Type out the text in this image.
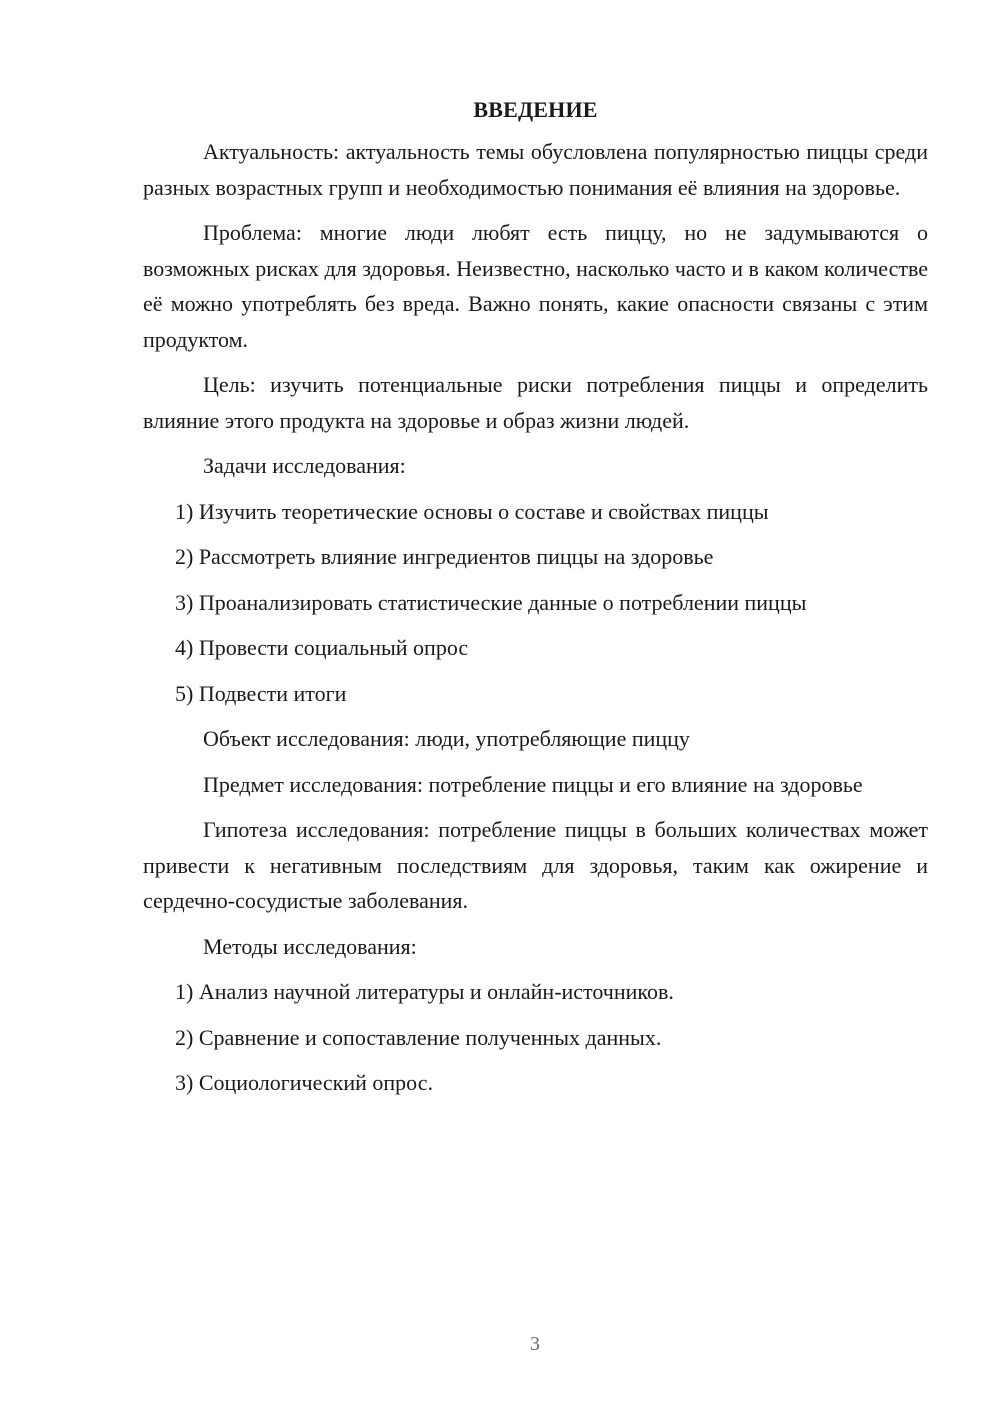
ВВЕДЕНИЕ

Актуальность: актуальность темы обусловлена популярностью пиццы среди разных возрастных групп и необходимостью понимания её влияния на здоровье.

Проблема: многие люди любят есть пиццу, но не задумываются о возможных рисках для здоровья. Неизвестно, насколько часто и в каком количестве её можно употреблять без вреда. Важно понять, какие опасности связаны с этим продуктом.

Цель: изучить потенциальные риски потребления пиццы и определить влияние этого продукта на здоровье и образ жизни людей.

Задачи исследования:

1) Изучить теоретические основы о составе и свойствах пиццы
2) Рассмотреть влияние ингредиентов пиццы на здоровье
3) Проанализировать статистические данные о потреблении пиццы
4) Провести социальный опрос
5) Подвести итоги

Объект исследования: люди, употребляющие пиццу

Предмет исследования: потребление пиццы и его влияние на здоровье

Гипотеза исследования: потребление пиццы в больших количествах может привести к негативным последствиям для здоровья, таким как ожирение и сердечно-сосудистые заболевания.

Методы исследования:

1) Анализ научной литературы и онлайн-источников.
2) Сравнение и сопоставление полученных данных.
3) Социологический опрос.
3
